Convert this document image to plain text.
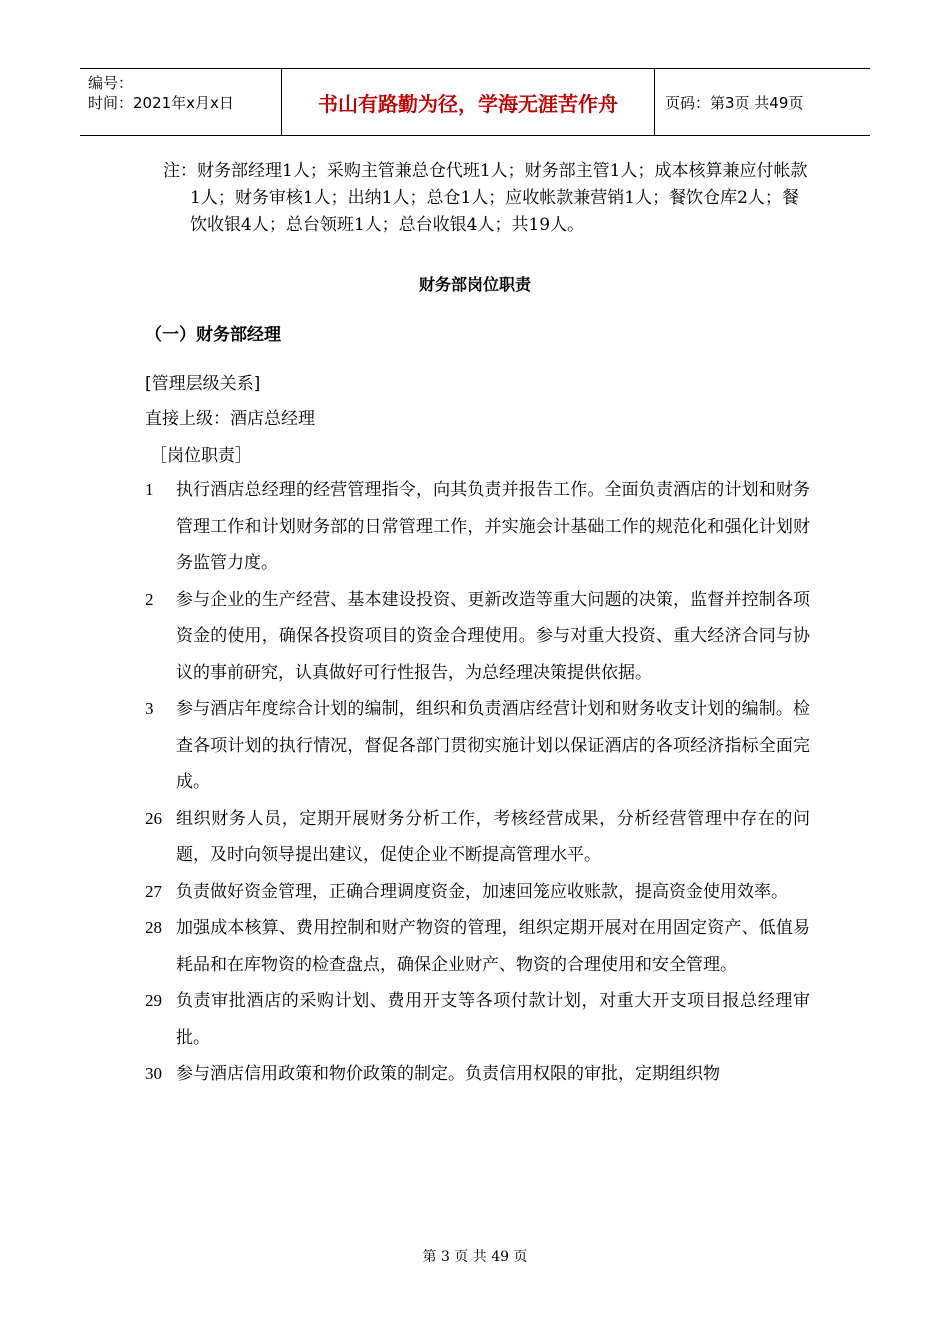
编号：
时间：2021年x月x日	书山有路勤为径，学海无涯苦作舟	页码：第3页 共49页
注：财务部经理1人；采购主管兼总仓代班1人；财务部主管1人；成本核算兼应付帐款1人；财务审核1人；出纳1人；总仓1人；应收帐款兼营销1人；餐饮仓库2人；餐饮收银4人；总台领班1人；总台收银4人；共19人。
财务部岗位职责
（一）财务部经理
[管理层级关系]
直接上级：酒店总经理
［岗位职责］
1	执行酒店总经理的经营管理指令，向其负责并报告工作。全面负责酒店的计划和财务管理工作和计划财务部的日常管理工作，并实施会计基础工作的规范化和强化计划财务监管力度。
2	参与企业的生产经营、基本建设投资、更新改造等重大问题的决策，监督并控制各项资金的使用，确保各投资项目的资金合理使用。参与对重大投资、重大经济合同与协议的事前研究，认真做好可行性报告，为总经理决策提供依据。
3	参与酒店年度综合计划的编制，组织和负责酒店经营计划和财务收支计划的编制。检查各项计划的执行情况，督促各部门贯彻实施计划以保证酒店的各项经济指标全面完成。
26 组织财务人员，定期开展财务分析工作，考核经营成果，分析经营管理中存在的问题，及时向领导提出建议，促使企业不断提高管理水平。
27 负责做好资金管理，正确合理调度资金，加速回笼应收账款，提高资金使用效率。
28 加强成本核算、费用控制和财产物资的管理，组织定期开展对在用固定资产、低值易耗品和在库物资的检查盘点，确保企业财产、物资的合理使用和安全管理。
29 负责审批酒店的采购计划、费用开支等各项付款计划，对重大开支项目报总经理审批。
30 参与酒店信用政策和物价政策的制定。负责信用权限的审批，定期组织物
第 3 页 共 49 页
